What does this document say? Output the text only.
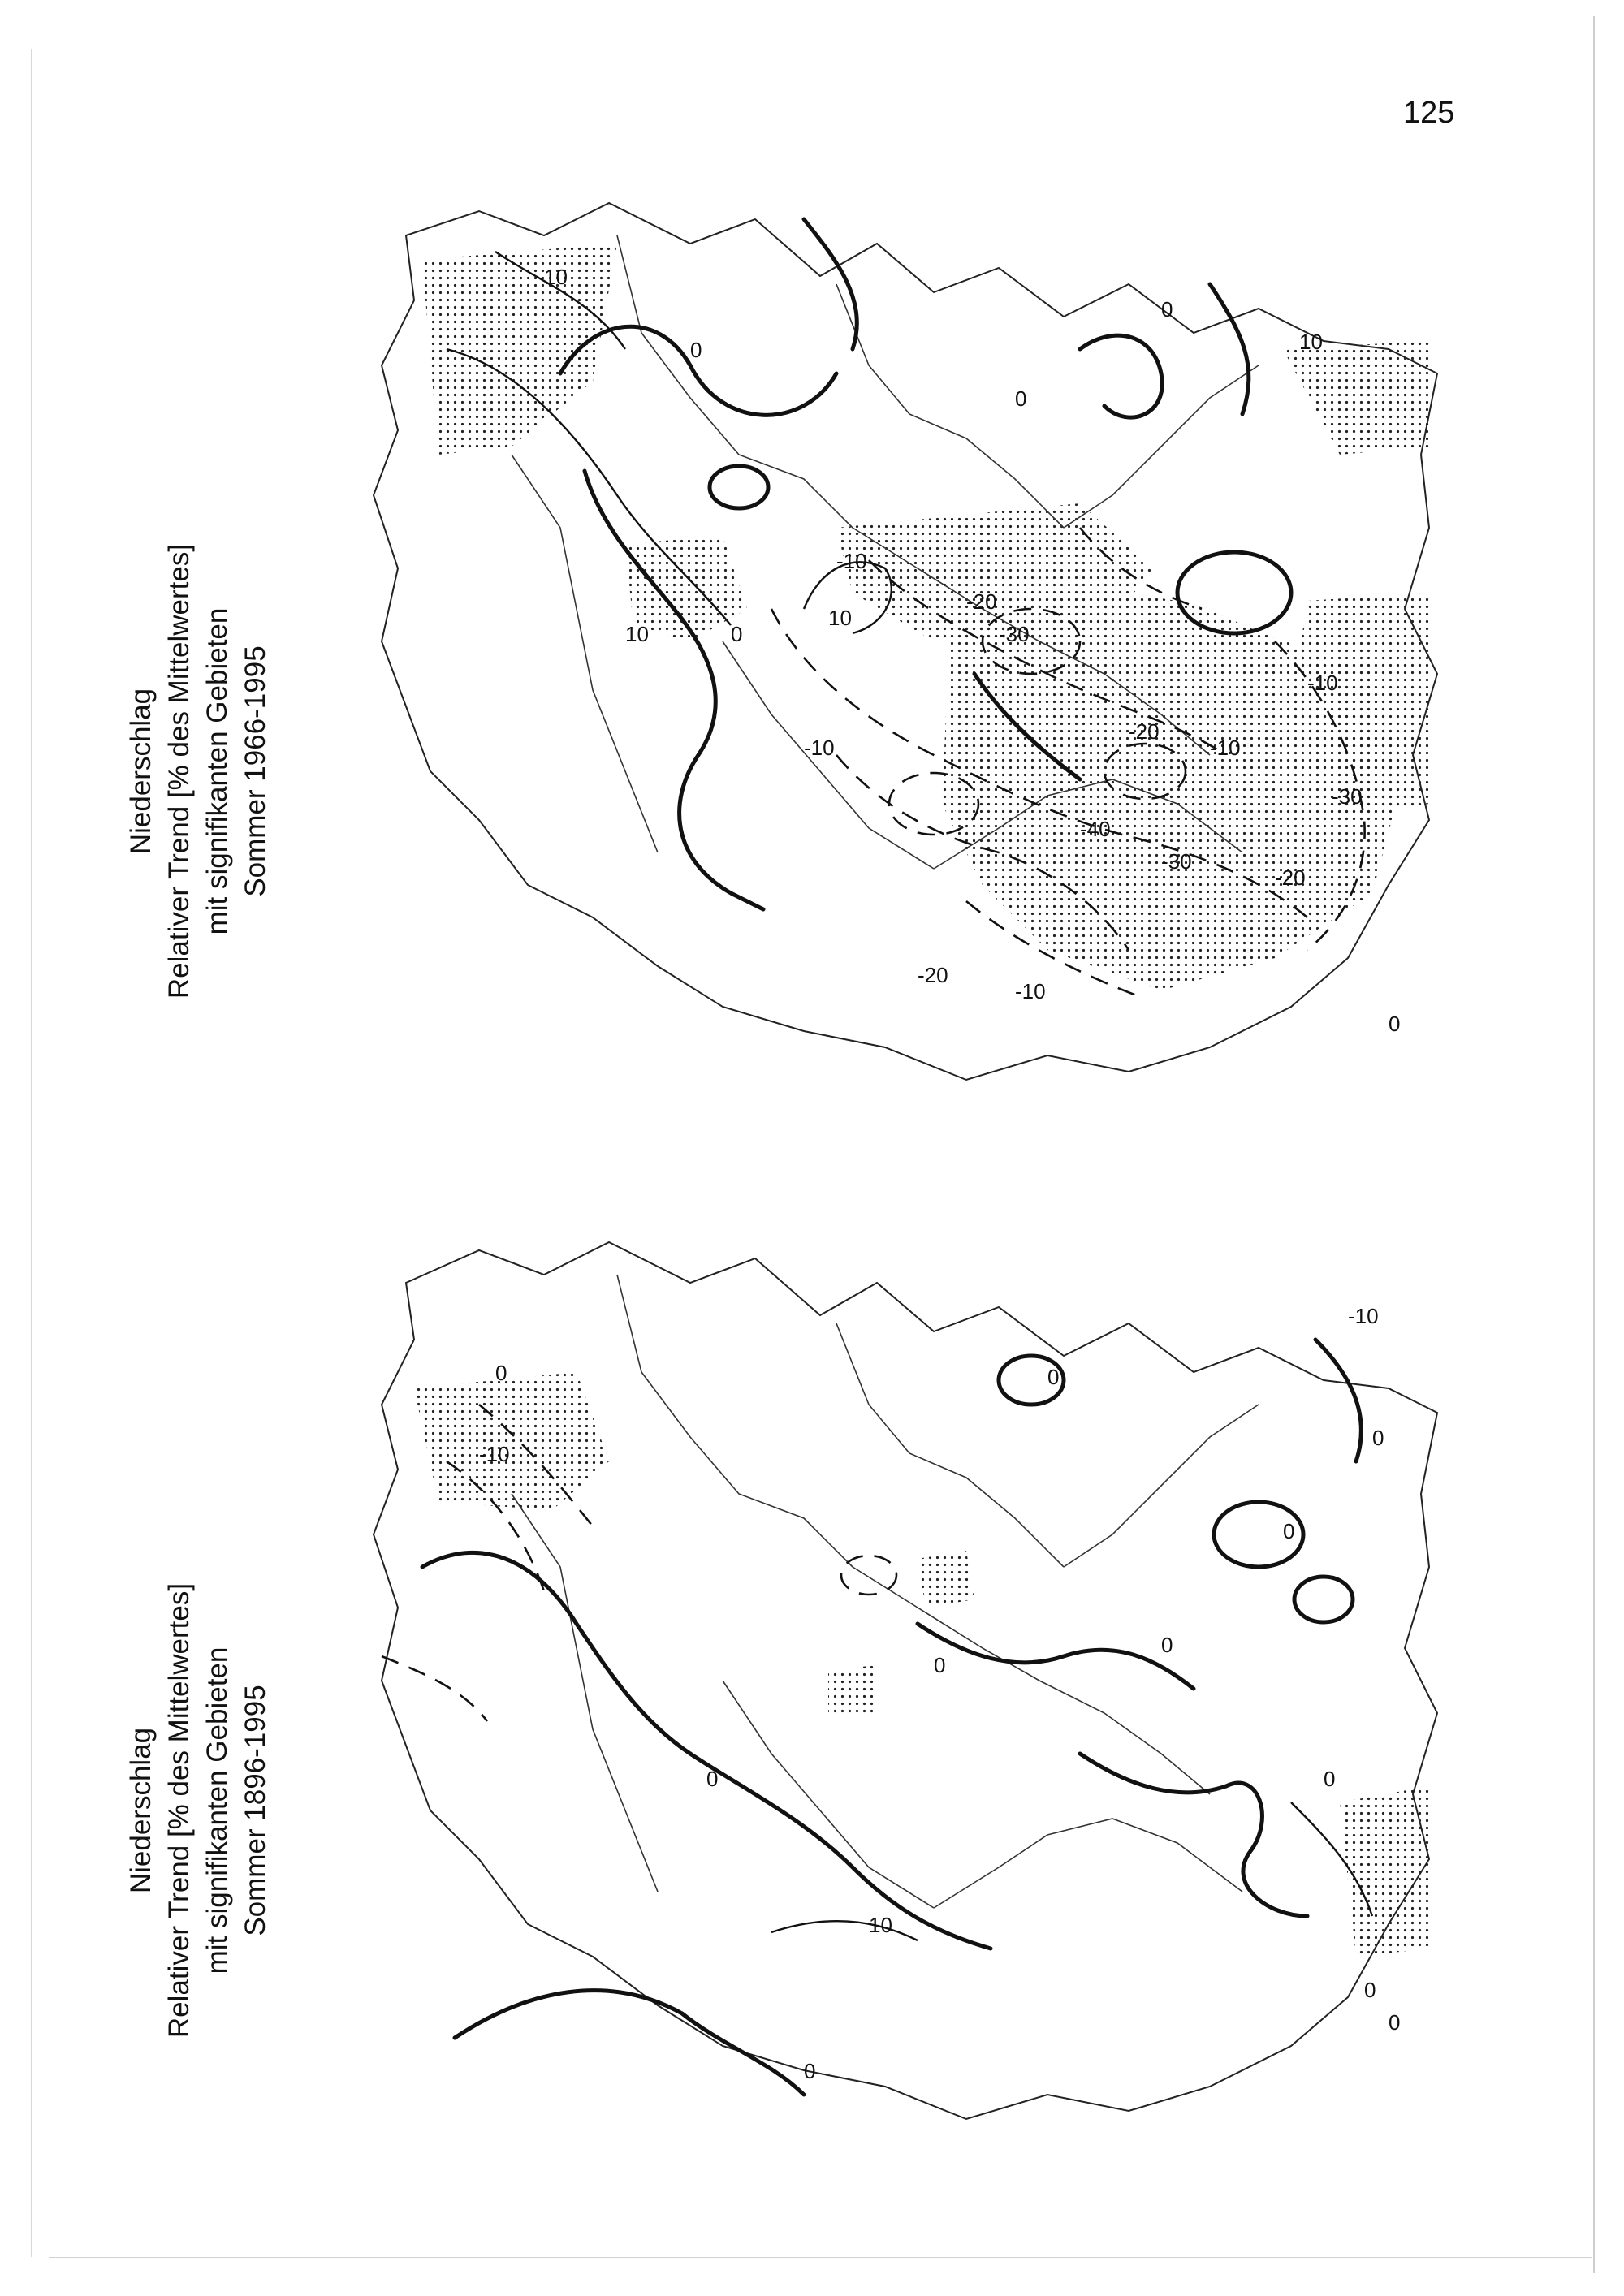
125
Niederschlag Relativer Trend [% des Mittelwertes] mit signifikanten Gebieten Sommer 1966-1995
Niederschlag Relativer Trend [% des Mittelwertes] mit signifikanten Gebieten Sommer 1896-1995
0
10
0
10
0
10
0
10
-10
-20
-30
-10
-20
-40
-10
-30
-20
-10
-30
-20
-10
0
0
0
-10
0
0
0
0
0
0
10
0
0
0
-10
